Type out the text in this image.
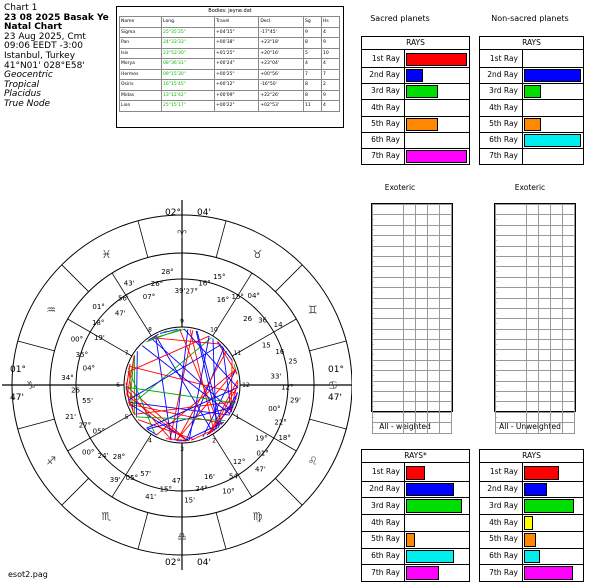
Chart 1
23 08 2025 Basak Ye
Natal Chart
23 Aug 2025, Cmt
09:06 EEDT -3:00
Istanbul, Turkey
41°N01' 028°E58'
Geocentric
Tropical
Placidus
True Node
Bodies: jeyne.dat
Name	Long.	Travel	Decl.	Sg	Hs
Sigma	25°35'25"	+04'15"	-17°45'	9	4
Pan	24°33'33"	+00'38"	+23°18'	8	9
Isis	23°53'30"	+01'25"	+20°16'	5	10
Morya	08°36'31"	+00'24"	+23°04'	4	4
Hermes	09°15'30"	+00'25"	+00°56'	7	7
Osiris	16°15'45"	+00'12"	-16°50'	8	2
Midas	13°12'42"	+00'09"	+22°26'	8	9
Lion	25°15'17"	+00'22"	+02°53'	11	4
Sacred planets	Non-sacred planets
Exoteric	Exoteric
All - weighted	All - Unweighted
RAYS
1st Ray
2nd Ray
3rd Ray
4th Ray
5th Ray
6th Ray
7th Ray
RAYS
1st Ray
2nd Ray
3rd Ray
4th Ray
5th Ray
6th Ray
7th Ray
RAYS*
1st Ray
2nd Ray
3rd Ray
4th Ray
5th Ray
6th Ray
7th Ray
RAYS
1st Ray
2nd Ray
3rd Ray
4th Ray
5th Ray
6th Ray
7th Ray

·				
·				
·				
·				
·				
·				
·				
·				
·				
·				
·				
·				
·				
·				
·				
·				
·				
·				
·				
·				
·				

·				
·				
·				
·				
·				
·				
·				
·				
·				
·				
·				
·				
·				
·				
·				
·				
·				
·				
·				
·				
·				
10
11
12
1
2
3
4
5
6
7
8
9
02° 04'
01°
47'
02° 04'
01°
47'
27°
16°
15°
16° 15° 04°
26 36
14
15
16
25
33'
12°
29'
00°
22°
18°
19°
01°
47'
12°
54'
10°
16'
24°
15'
47'
15°
41'
57'
05°
39'
28°
24'
00°
05°
27°
21'
55'
26
34°
04°
35°
00° 19'
18°
01°
47'
56'
43'
07°
26°
28°
39'
♈
♉
♊
♋
♌
♍
♎
♏
♐
♑
♒
♓
esot2.pag
